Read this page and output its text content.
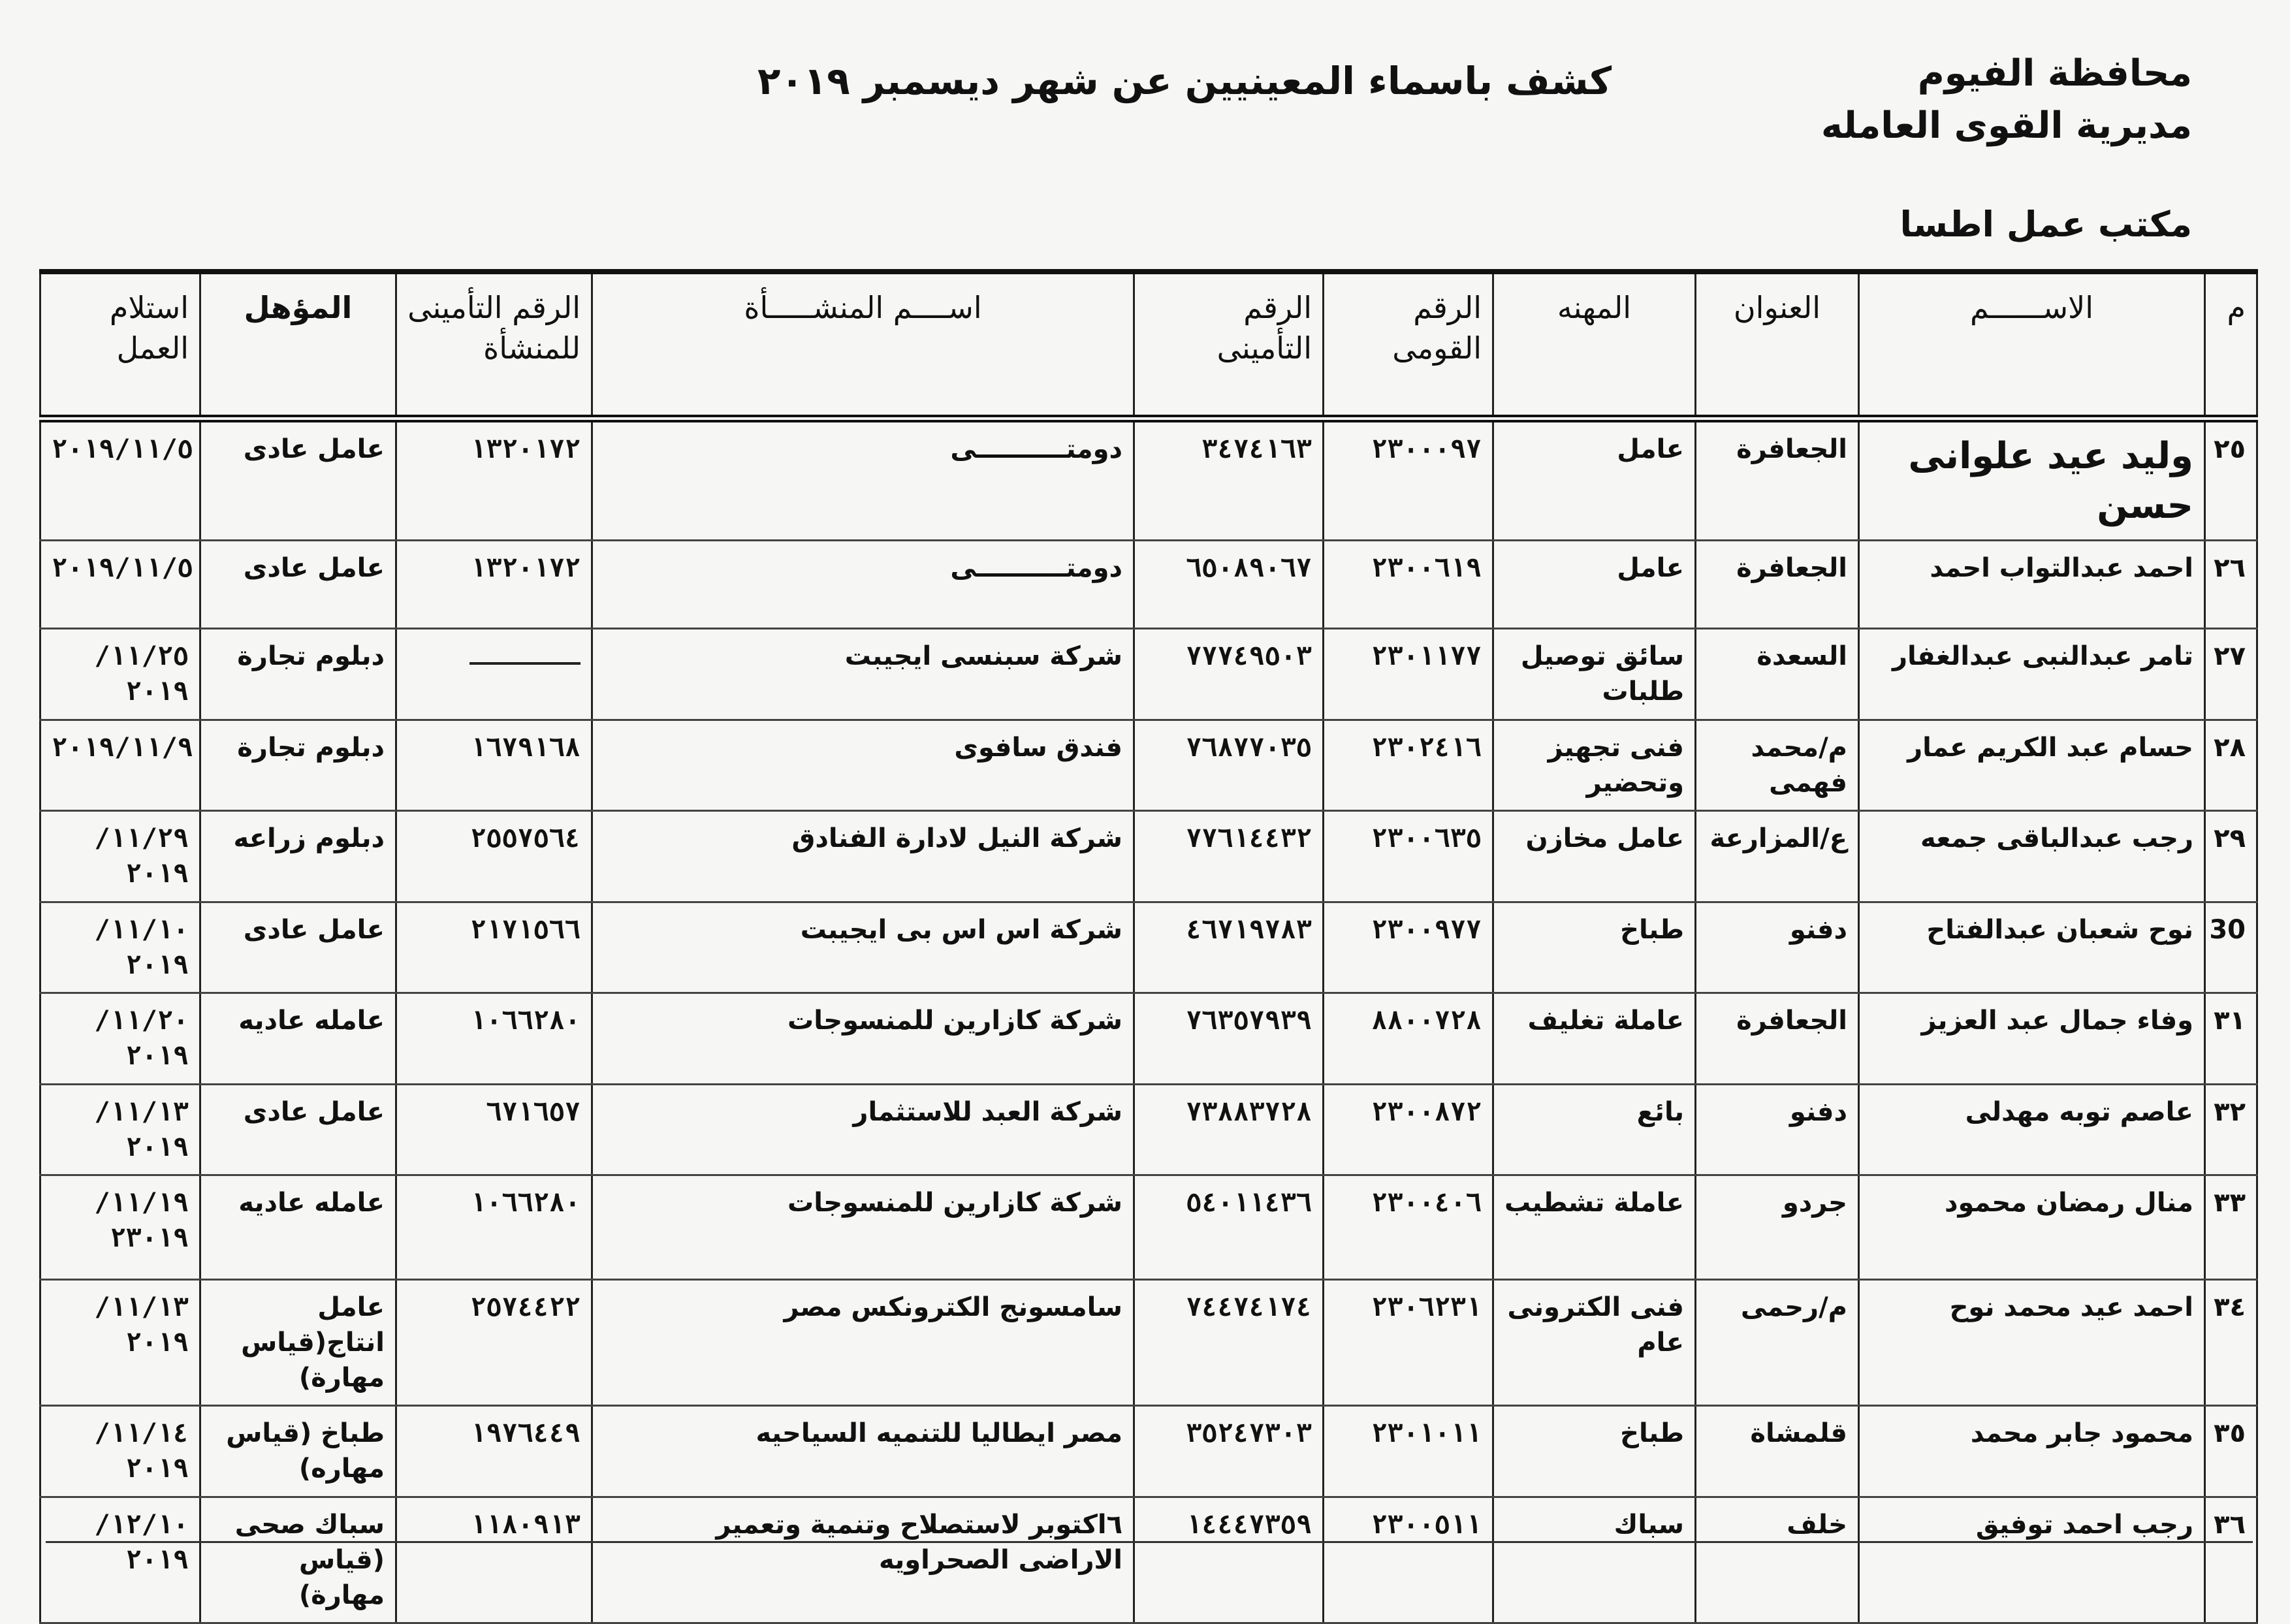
محافظة الفيوم
مديرية القوى العامله
مكتب عمل اطسا
كشف باسماء المعينيين عن شهر ديسمبر ٢٠١٩
م	الاســــــم	العنوان	المهنه	الرقم القومى	الرقم التأمينى	اســــم المنشـــــأة	الرقم التأمينى للمنشأة	المؤهل	استلام العمل
٢٥	وليد عيد علوانى حسن	الجعافرة	عامل	٢٣٠٠٠٩٧	٣٤٧٤١٦٣	دومتــــــــــى	١٣٢٠١٧٢	عامل عادى	٢٠١٩/١١/٥
٢٦	احمد عبدالتواب احمد	الجعافرة	عامل	٢٣٠٠٦١٩	٦٥٠٨٩٠٦٧	دومتــــــــــى	١٣٢٠١٧٢	عامل عادى	٢٠١٩/١١/٥
٢٧	تامر عبدالنبى عبدالغفار	السعدة	سائق توصيل طلبات	٢٣٠١١٧٧	٧٧٧٤٩٥٠٣	شركة سبنسى ايجيبت		دبلوم تجارة	١١/٢٥/ ٢٠١٩
٢٨	حسام عبد الكريم عمار	م/محمد فهمى	فنى تجهيز وتحضير	٢٣٠٢٤١٦	٧٦٨٧٧٠٣٥	فندق سافوى	١٦٧٩١٦٨	دبلوم تجارة	٢٠١٩/١١/٩
٢٩	رجب عبدالباقى جمعه	ع/المزارعة	عامل مخازن	٢٣٠٠٦٣٥	٧٧٦١٤٤٣٢	شركة النيل لادارة الفنادق	٢٥٥٧٥٦٤	دبلوم زراعه	١١/٢٩/ ٢٠١٩
30	نوح شعبان عبدالفتاح	دفنو	طباخ	٢٣٠٠٩٧٧	٤٦٧١٩٧٨٣	شركة اس اس بى ايجيبت	٢١٧١٥٦٦	عامل عادى	١١/١٠/ ٢٠١٩
٣١	وفاء جمال عبد العزيز	الجعافرة	عاملة تغليف	٨٨٠٠٧٢٨	٧٦٣٥٧٩٣٩	شركة كازارين للمنسوجات	١٠٦٦٢٨٠	عامله عاديه	١١/٢٠/ ٢٠١٩
٣٢	عاصم توبه مهدلى	دفنو	بائع	٢٣٠٠٨٧٢	٧٣٨٨٣٧٢٨	شركة العبد للاستثمار	٦٧١٦٥٧	عامل عادى	١١/١٣/ ٢٠١٩
٣٣	منال رمضان محمود	جردو	عاملة تشطيب	٢٣٠٠٤٠٦	٥٤٠١١٤٣٦	شركة كازارين للمنسوجات	١٠٦٦٢٨٠	عامله عاديه	١١/١٩/ ٢٣٠١٩
٣٤	احمد عيد محمد نوح	م/رحمى	فنى الكترونى عام	٢٣٠٦٢٣١	٧٤٤٧٤١٧٤	سامسونج الكترونكس مصر	٢٥٧٤٤٢٢	عامل انتاج(قياس مهارة)	١١/١٣/ ٢٠١٩
٣٥	محمود جابر محمد	قلمشاة	طباخ	٢٣٠١٠١١	٣٥٢٤٧٣٠٣	مصر ايطاليا للتنميه السياحيه	١٩٧٦٤٤٩	طباخ (قياس مهاره)	١١/١٤/ ٢٠١٩
٣٦	رجب احمد توفيق	خلف	سباك	٢٣٠٠٥١١	١٤٤٤٧٣٥٩	٦اكتوبر لاستصلاح وتنمية وتعمير الاراضى الصحراويه	١١٨٠٩١٣	سباك صحى (قياس مهارة)	١٢/١٠/ ٢٠١٩
